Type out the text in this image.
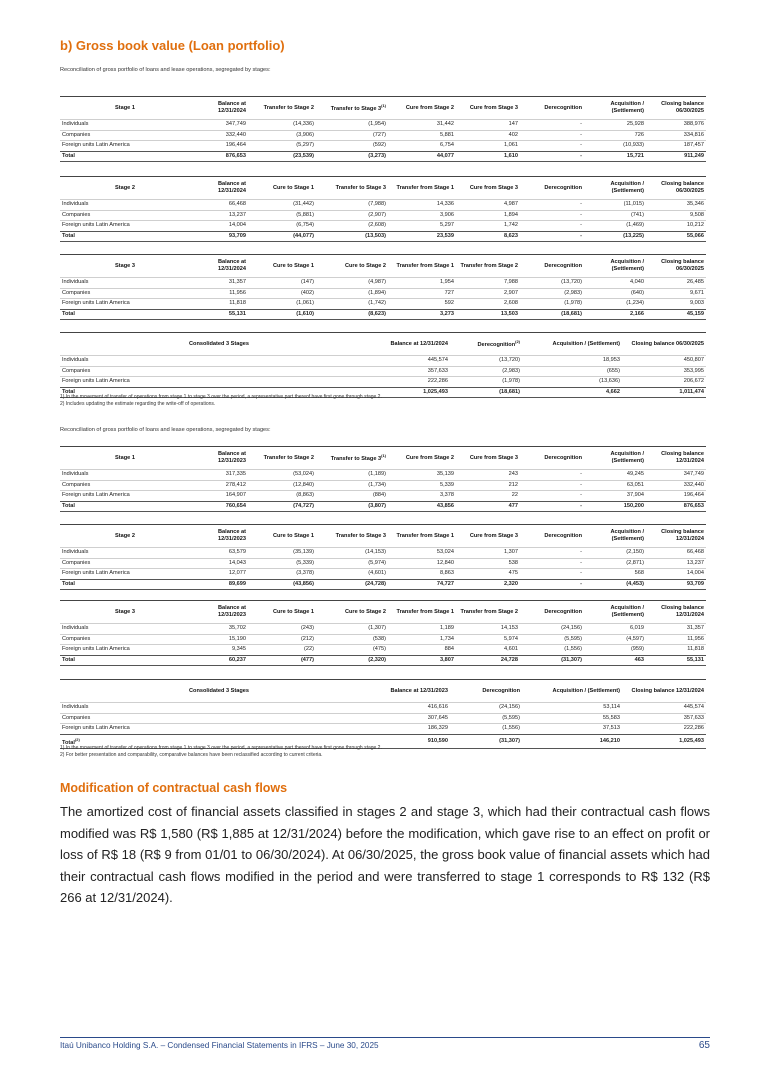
b) Gross book value (Loan portfolio)
Reconciliation of gross portfolio of loans and lease operations, segregated by stages:
Stage 1	Balance at 12/31/2024	Transfer to Stage 2	Transfer to Stage 3$^{(1)}$	Cure from Stage 2	Cure from Stage 3	Derecognition	Acquisition / (Settlement)	Closing balance 06/30/2025
Individuals	347,749	(14,336)	(1,954)	31,442	147	-	25,928	388,976
Companies	332,440	(3,906)	(727)	5,881	402	-	726	334,816
Foreign units Latin America	196,464	(5,297)	(592)	6,754	1,061	-	(10,933)	187,457
Total	876,653	(23,539)	(3,273)	44,077	1,610	-	15,721	911,249
Stage 2	Balance at 12/31/2024	Cure to Stage 1	Transfer to Stage 3	Transfer from Stage 1	Cure from Stage 3	Derecognition	Acquisition / (Settlement)	Closing balance 06/30/2025
Individuals	66,468	(31,442)	(7,988)	14,336	4,987	-	(11,015)	35,346
Companies	13,237	(5,881)	(2,907)	3,906	1,894	-	(741)	9,508
Foreign units Latin America	14,004	(6,754)	(2,608)	5,297	1,742	-	(1,469)	10,212
Total	93,709	(44,077)	(13,503)	23,539	8,623	-	(13,225)	55,066
Stage 3	Balance at 12/31/2024	Cure to Stage 1	Cure to Stage 2	Transfer from Stage 1	Transfer from Stage 2	Derecognition	Acquisition / (Settlement)	Closing balance 06/30/2025
Individuals	31,357	(147)	(4,987)	1,954	7,988	(13,720)	4,040	26,485
Companies	11,956	(402)	(1,894)	727	2,907	(2,983)	(640)	9,671
Foreign units Latin America	11,818	(1,061)	(1,742)	592	2,608	(1,978)	(1,234)	9,003
Total	55,131	(1,610)	(8,623)	3,273	13,503	(18,681)	2,166	45,159
Consolidated 3 Stages	Balance at 12/31/2024	Derecognition$^{(2)}$	Acquisition / (Settlement)	Closing balance 06/30/2025
Individuals	445,574	(13,720)	18,953	450,807
Companies	357,633	(2,983)	(655)	353,995
Foreign units Latin America	222,286	(1,978)	(13,636)	206,672
Total	1,025,493	(18,681)	4,662	1,011,474
1) In the movement of transfer of operations from stage 1 to stage 3 over the period, a representative part thereof have first gone through stage 2.
2) Includes updating the estimate regarding the write-off of operations.
Reconciliation of gross portfolio of loans and lease operations, segregated by stages:
Stage 1	Balance at 12/31/2023	Transfer to Stage 2	Transfer to Stage 3$^{(1)}$	Cure from Stage 2	Cure from Stage 3	Derecognition	Acquisition / (Settlement)	Closing balance 12/31/2024
Individuals	317,335	(53,024)	(1,189)	35,139	243	-	49,245	347,749
Companies	278,412	(12,840)	(1,734)	5,339	212	-	63,051	332,440
Foreign units Latin America	164,907	(8,863)	(884)	3,378	22	-	37,904	196,464
Total	760,654	(74,727)	(3,807)	43,856	477	-	150,200	876,653
Stage 2	Balance at 12/31/2023	Cure to Stage 1	Transfer to Stage 3	Transfer from Stage 1	Cure from Stage 3	Derecognition	Acquisition / (Settlement)	Closing balance 12/31/2024
Individuals	63,579	(35,139)	(14,153)	53,024	1,307	-	(2,150)	66,468
Companies	14,043	(5,339)	(5,974)	12,840	538	-	(2,871)	13,237
Foreign units Latin America	12,077	(3,378)	(4,601)	8,863	475	-	568	14,004
Total	89,699	(43,856)	(24,728)	74,727	2,320	-	(4,453)	93,709
Stage 3	Balance at 12/31/2023	Cure to Stage 1	Cure to Stage 2	Transfer from Stage 1	Transfer from Stage 2	Derecognition	Acquisition / (Settlement)	Closing balance 12/31/2024
Individuals	35,702	(243)	(1,307)	1,189	14,153	(24,156)	6,019	31,357
Companies	15,190	(212)	(538)	1,734	5,974	(5,595)	(4,597)	11,956
Foreign units Latin America	9,345	(22)	(475)	884	4,601	(1,556)	(959)	11,818
Total	60,237	(477)	(2,320)	3,807	24,728	(31,307)	463	55,131
Consolidated 3 Stages	Balance at 12/31/2023	Derecognition	Acquisition / (Settlement)	Closing balance 12/31/2024
Individuals	416,616	(24,156)	53,114	445,574
Companies	307,645	(5,595)	55,583	357,633
Foreign units Latin America	186,329	(1,556)	37,513	222,286
Total$^{(2)}$	910,590	(31,307)	146,210	1,025,493
1) In the movement of transfer of operations from stage 1 to stage 3 over the period, a representative part thereof have first gone through stage 2.
2) For better presentation and comparability, comparative balances have been reclassified according to current criteria.
Modification of contractual cash flows
The amortized cost of financial assets classified in stages 2 and stage 3, which had their contractual cash flows modified was R$ 1,580 (R$ 1,885 at 12/31/2024) before the modification, which gave rise to an effect on profit or loss of R$ 18 (R$ 9 from 01/01 to 06/30/2024). At 06/30/2025, the gross book value of financial assets which had their contractual cash flows modified in the period and were transferred to stage 1 corresponds to R$ 132 (R$ 266 at 12/31/2024).
Itaú Unibanco Holding S.A. – Condensed Financial Statements in IFRS – June 30, 2025	65
